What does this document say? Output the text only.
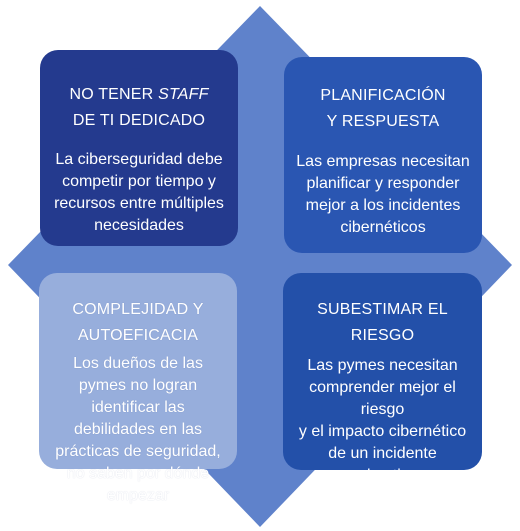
NO TENER STAFF
DE TI DEDICADO

La ciberseguridad debe competir por tiempo y recursos entre múltiples necesidades

PLANIFICACIÓN
Y RESPUESTA

Las empresas necesitan planificar y responder mejor a los incidentes cibernéticos

COMPLEJIDAD Y
AUTOEFICACIA

Los dueños de las pymes no logran identificar las debilidades en las prácticas de seguridad, no saben por dónde empezar

SUBESTIMAR EL RIESGO

Las pymes necesitan
comprender mejor el riesgo
y el impacto cibernético
de un incidente
y no subestimar su
período de recuperación
